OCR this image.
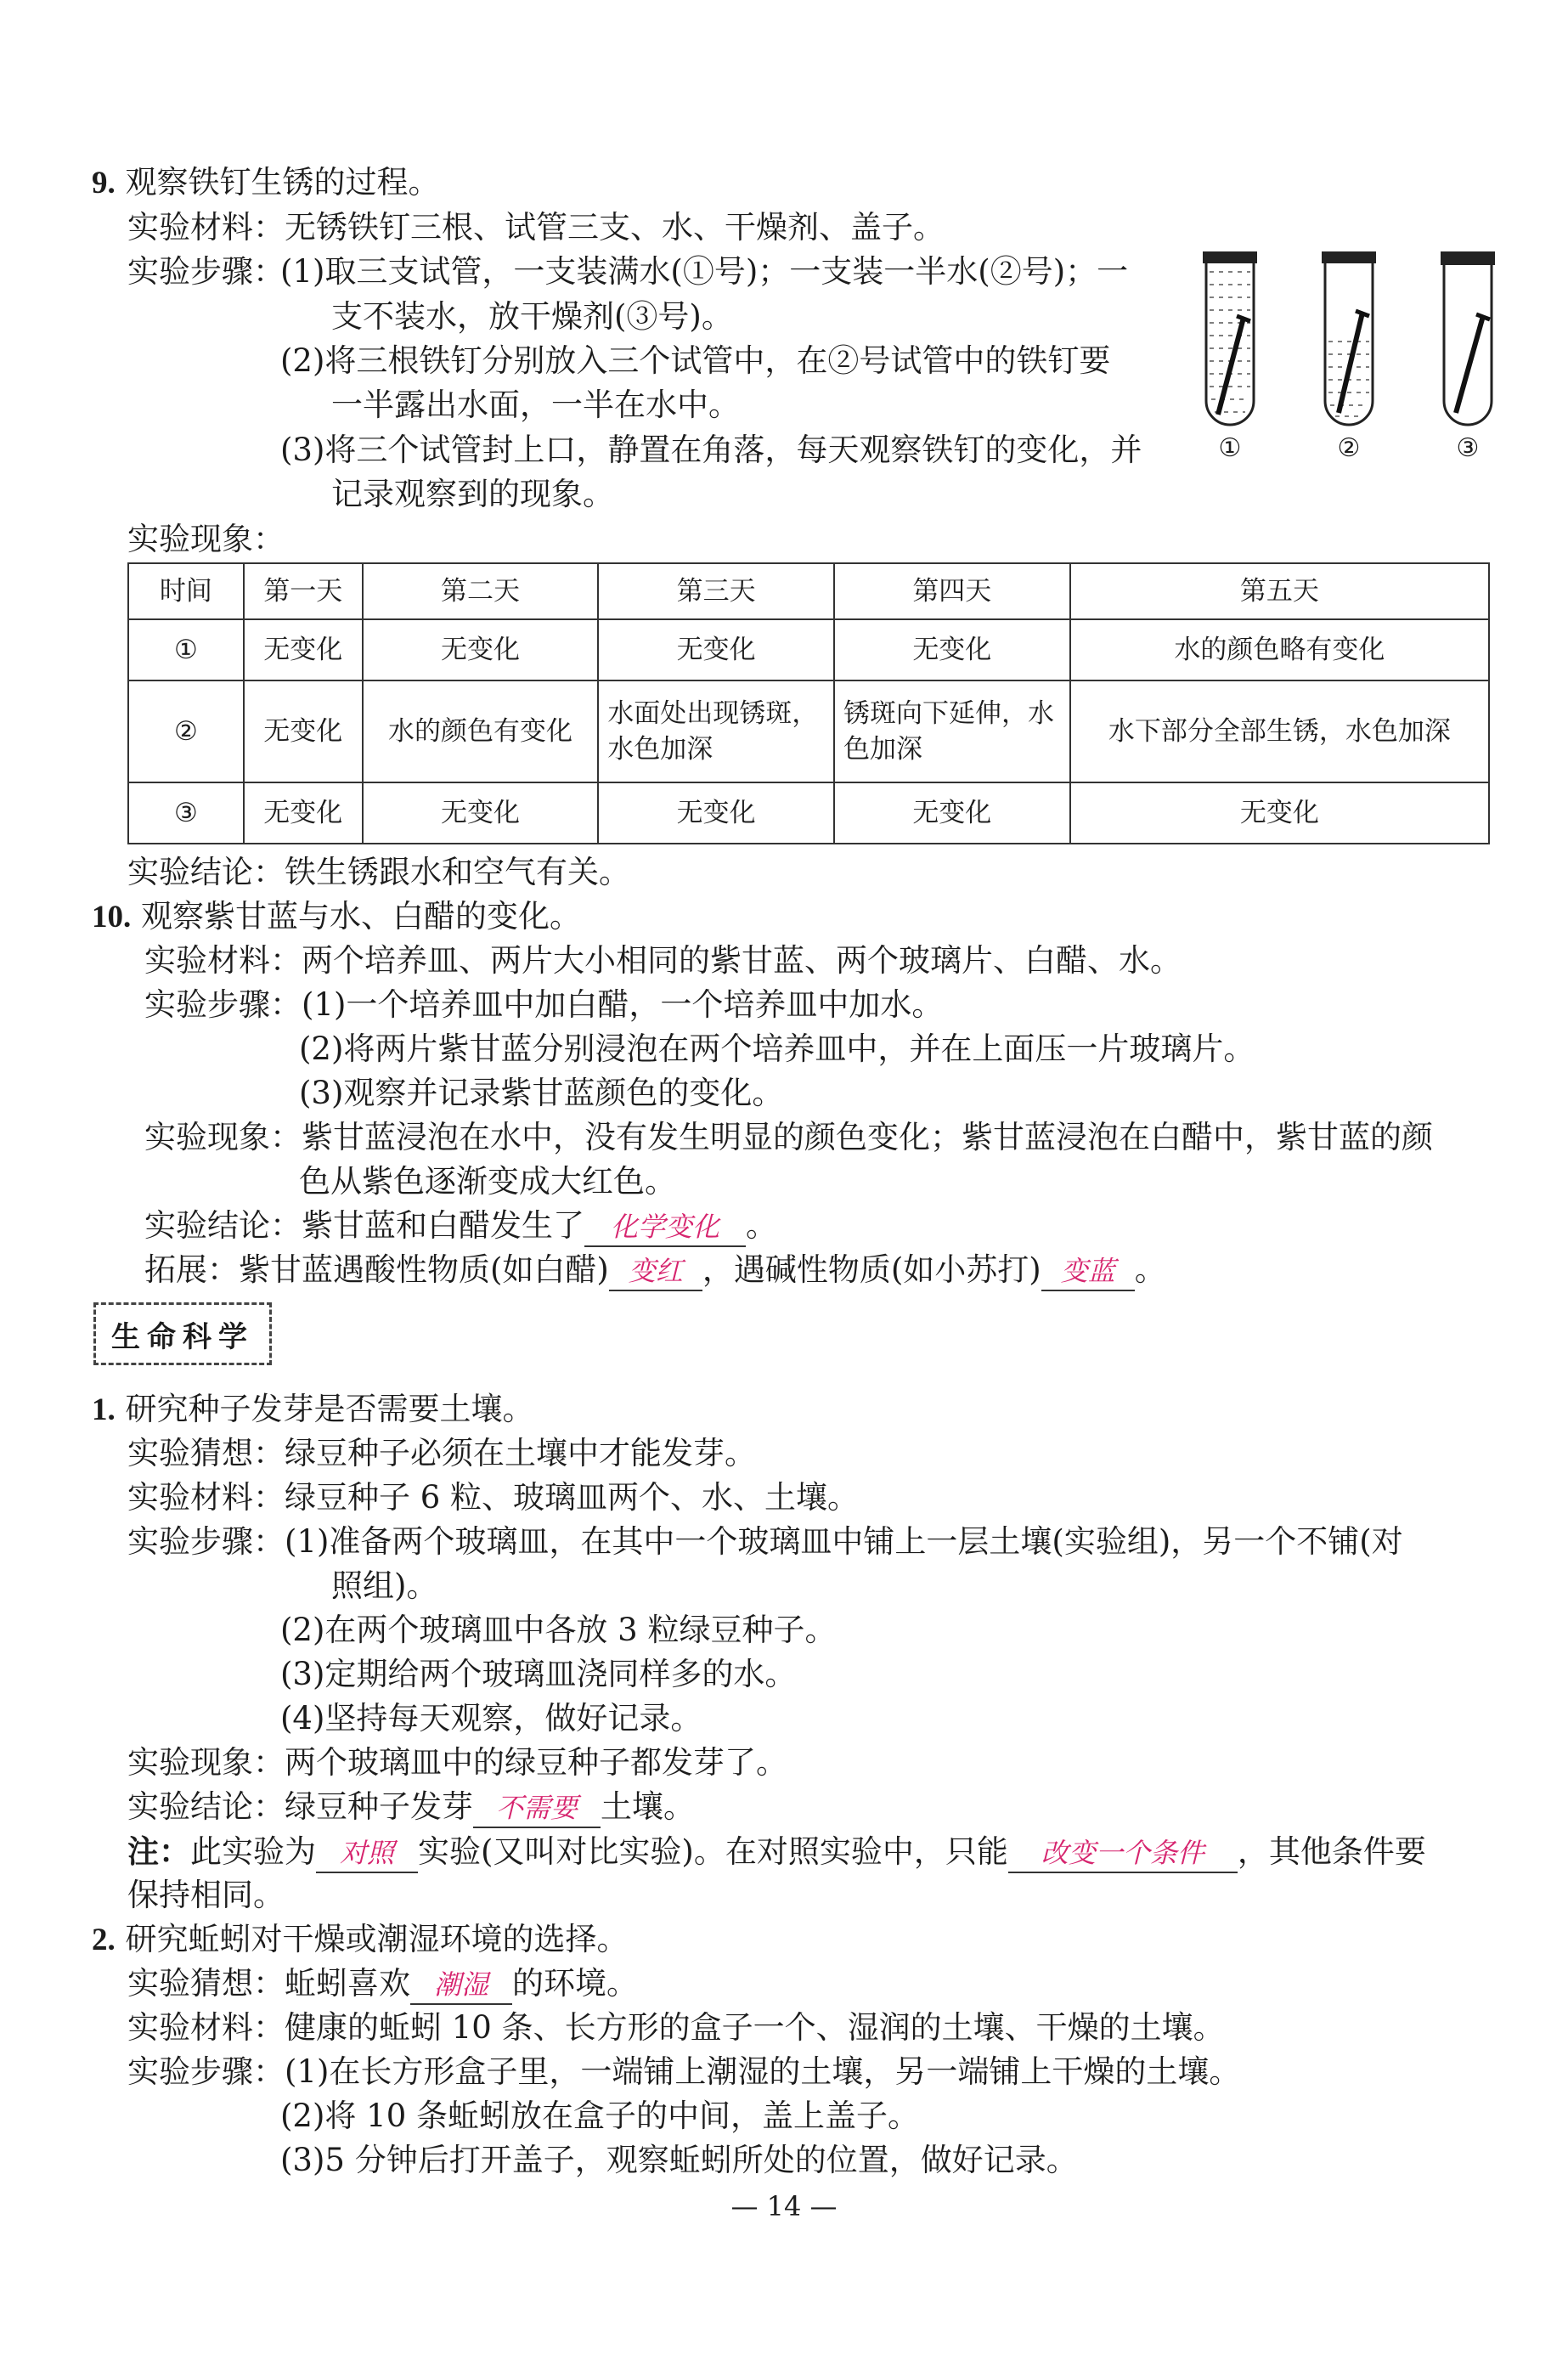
9. 观察铁钉生锈的过程。
实验材料：无锈铁钉三根、试管三支、水、干燥剂、盖子。
实验步骤：
(1)取三支试管，一支装满水(①号)；一支装一半水(②号)；一
支不装水，放干燥剂(③号)。
(2)将三根铁钉分别放入三个试管中，在②号试管中的铁钉要
一半露出水面，一半在水中。
(3)将三个试管封上口，静置在角落，每天观察铁钉的变化，并
记录观察到的现象。
实验现象：
①	②	③
时间	第一天	第二天	第三天	第四天	第五天
①	无变化	无变化	无变化	无变化	水的颜色略有变化
②	无变化	水的颜色有变化	水面处出现锈斑，水色加深	锈斑向下延伸，水色加深	水下部分全部生锈，水色加深
③	无变化	无变化	无变化	无变化	无变化
实验结论：铁生锈跟水和空气有关。
10. 观察紫甘蓝与水、白醋的变化。
实验材料：两个培养皿、两片大小相同的紫甘蓝、两个玻璃片、白醋、水。
实验步骤：(1)一个培养皿中加白醋，一个培养皿中加水。
(2)将两片紫甘蓝分别浸泡在两个培养皿中，并在上面压一片玻璃片。
(3)观察并记录紫甘蓝颜色的变化。
实验现象：紫甘蓝浸泡在水中，没有发生明显的颜色变化；紫甘蓝浸泡在白醋中，紫甘蓝的颜
色从紫色逐渐变成大红色。
实验结论：紫甘蓝和白醋发生了 化学变化 。
拓展：紫甘蓝遇酸性物质(如白醋) 变红 ，遇碱性物质(如小苏打) 变蓝 。
生命科学
1. 研究种子发芽是否需要土壤。
实验猜想：绿豆种子必须在土壤中才能发芽。
实验材料：绿豆种子 6 粒、玻璃皿两个、水、土壤。
实验步骤：(1)准备两个玻璃皿，在其中一个玻璃皿中铺上一层土壤(实验组)，另一个不铺(对
照组)。
(2)在两个玻璃皿中各放 3 粒绿豆种子。
(3)定期给两个玻璃皿浇同样多的水。
(4)坚持每天观察，做好记录。
实验现象：两个玻璃皿中的绿豆种子都发芽了。
实验结论：绿豆种子发芽 不需要 土壤。
注：此实验为 对照 实验(又叫对比实验)。在对照实验中，只能 改变一个条件 ，其他条件要
保持相同。
2. 研究蚯蚓对干燥或潮湿环境的选择。
实验猜想：蚯蚓喜欢 潮湿 的环境。
实验材料：健康的蚯蚓 10 条、长方形的盒子一个、湿润的土壤、干燥的土壤。
实验步骤：(1)在长方形盒子里，一端铺上潮湿的土壤，另一端铺上干燥的土壤。
(2)将 10 条蚯蚓放在盒子的中间，盖上盖子。
(3)5 分钟后打开盖子，观察蚯蚓所处的位置，做好记录。
— 14 —
